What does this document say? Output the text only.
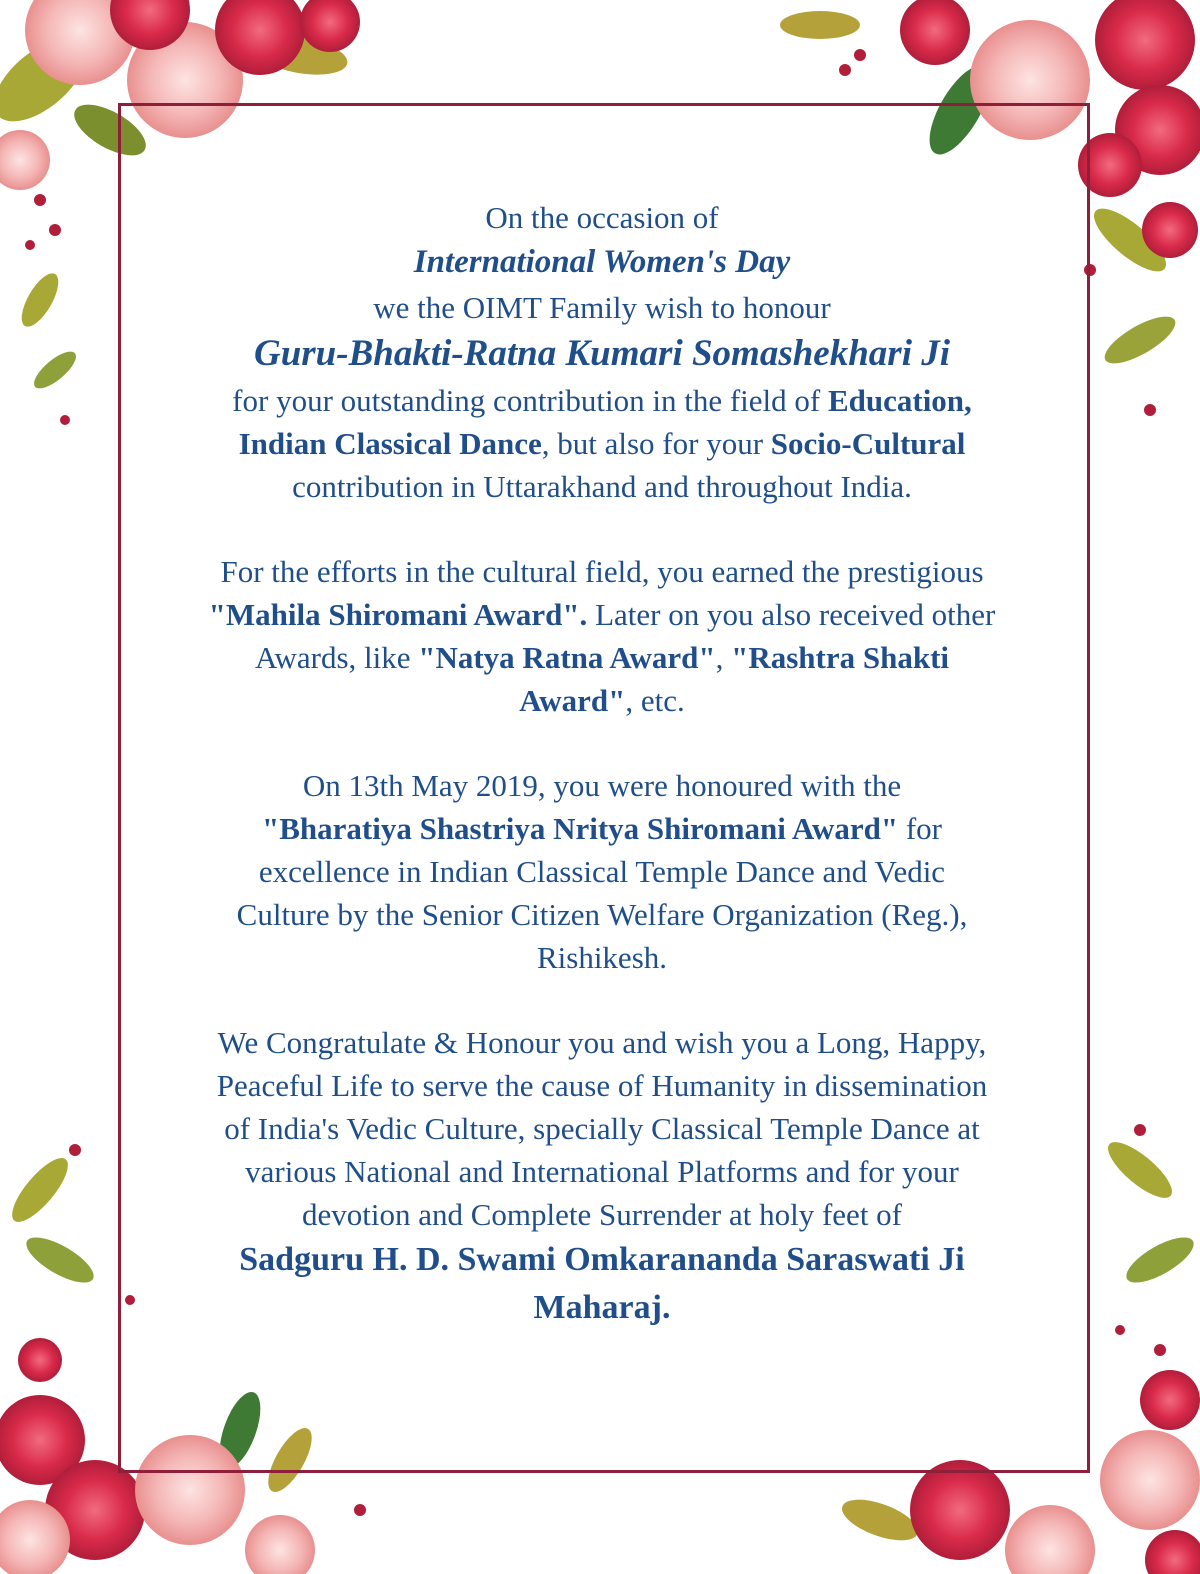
On the occasion of

International Women's Day

we the OIMT Family wish to honour

Guru-Bhakti-Ratna Kumari Somashekhari Ji

for your outstanding contribution in the field of Education,
Indian Classical Dance, but also for your Socio-Cultural
contribution in Uttarakhand and throughout India.

For the efforts in the cultural field, you earned the prestigious
"Mahila Shiromani Award". Later on you also received other
Awards, like "Natya Ratna Award", "Rashtra Shakti
Award", etc.

On 13th May 2019, you were honoured with the
"Bharatiya Shastriya Nritya Shiromani Award" for
excellence in Indian Classical Temple Dance and Vedic
Culture by the Senior Citizen Welfare Organization (Reg.),
Rishikesh.

We Congratulate & Honour you and wish you a Long, Happy,
Peaceful Life to serve the cause of Humanity in dissemination
of India's Vedic Culture, specially Classical Temple Dance at
various National and International Platforms and for your
devotion and Complete Surrender at holy feet of

Sadguru H. D. Swami Omkarananda Saraswati Ji
Maharaj.
